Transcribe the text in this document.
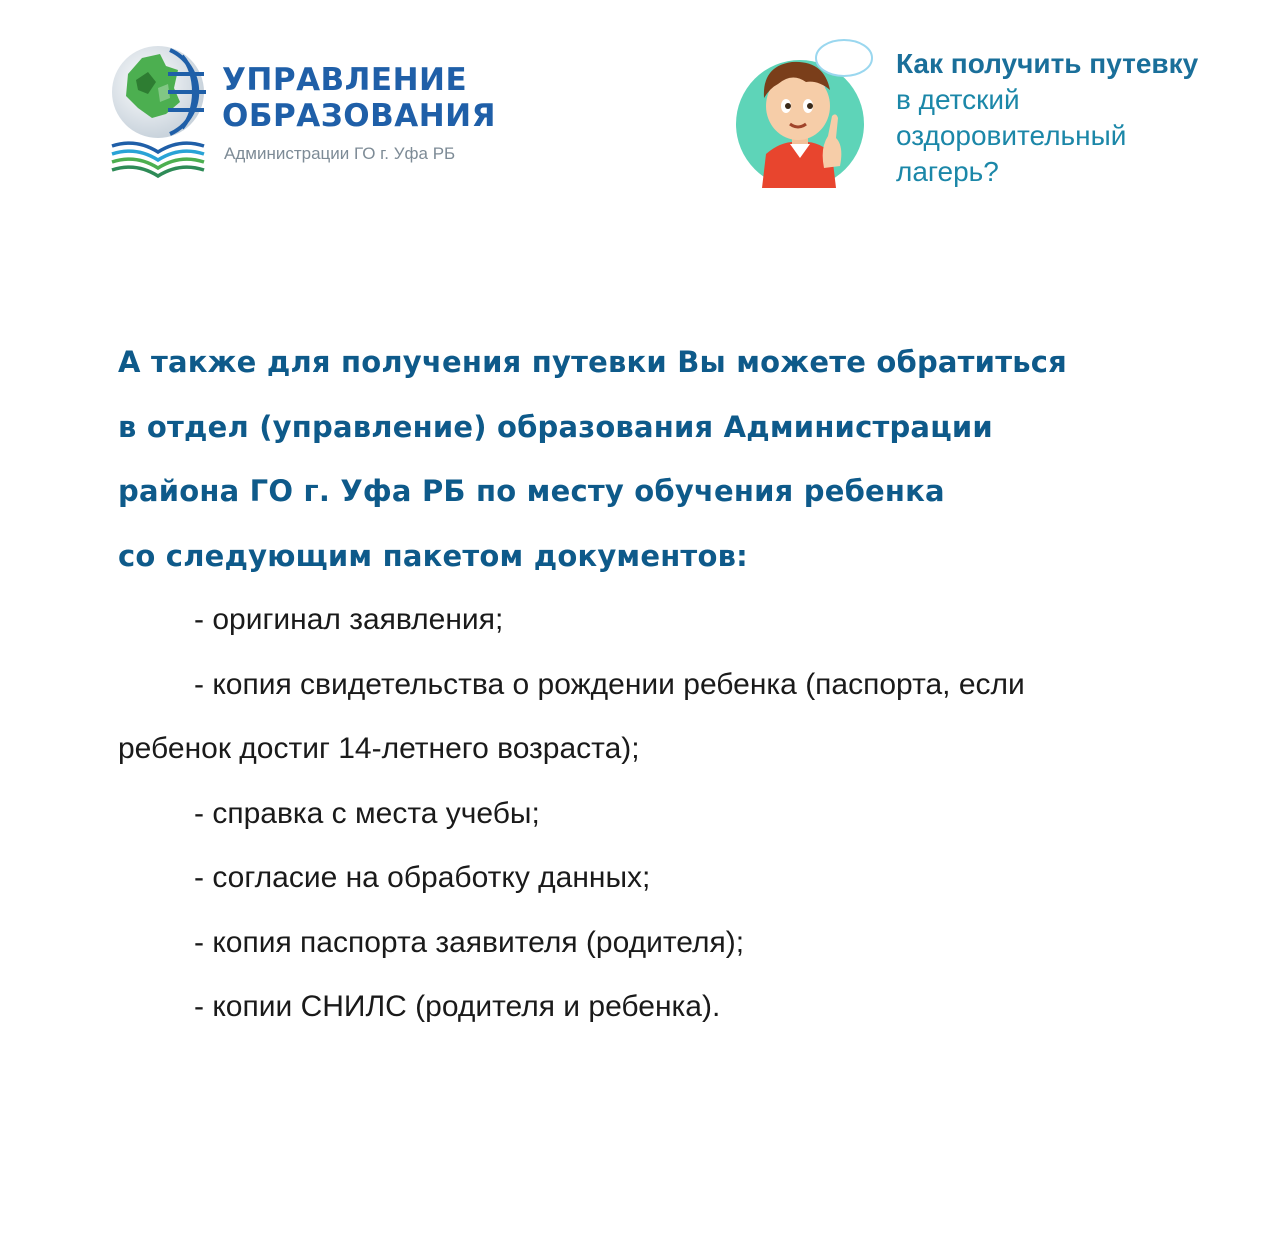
УПРАВЛЕНИЕ
ОБРАЗОВАНИЯ
Администрации ГО г. Уфа РБ
Как получить путевку
в детский
оздоровительный
лагерь?

А также для получения путевки Вы можете обратиться

в отдел (управление) образования Администрации

района ГО г. Уфа РБ по месту обучения ребенка

со следующим пакетом документов:

- оригинал заявления;
- копия свидетельства о рождении ребенка (паспорта, если
ребенок достиг 14-летнего возраста);
- справка с места учебы;
- согласие на обработку данных;
- копия паспорта заявителя (родителя);
- копии СНИЛС (родителя и ребенка).
